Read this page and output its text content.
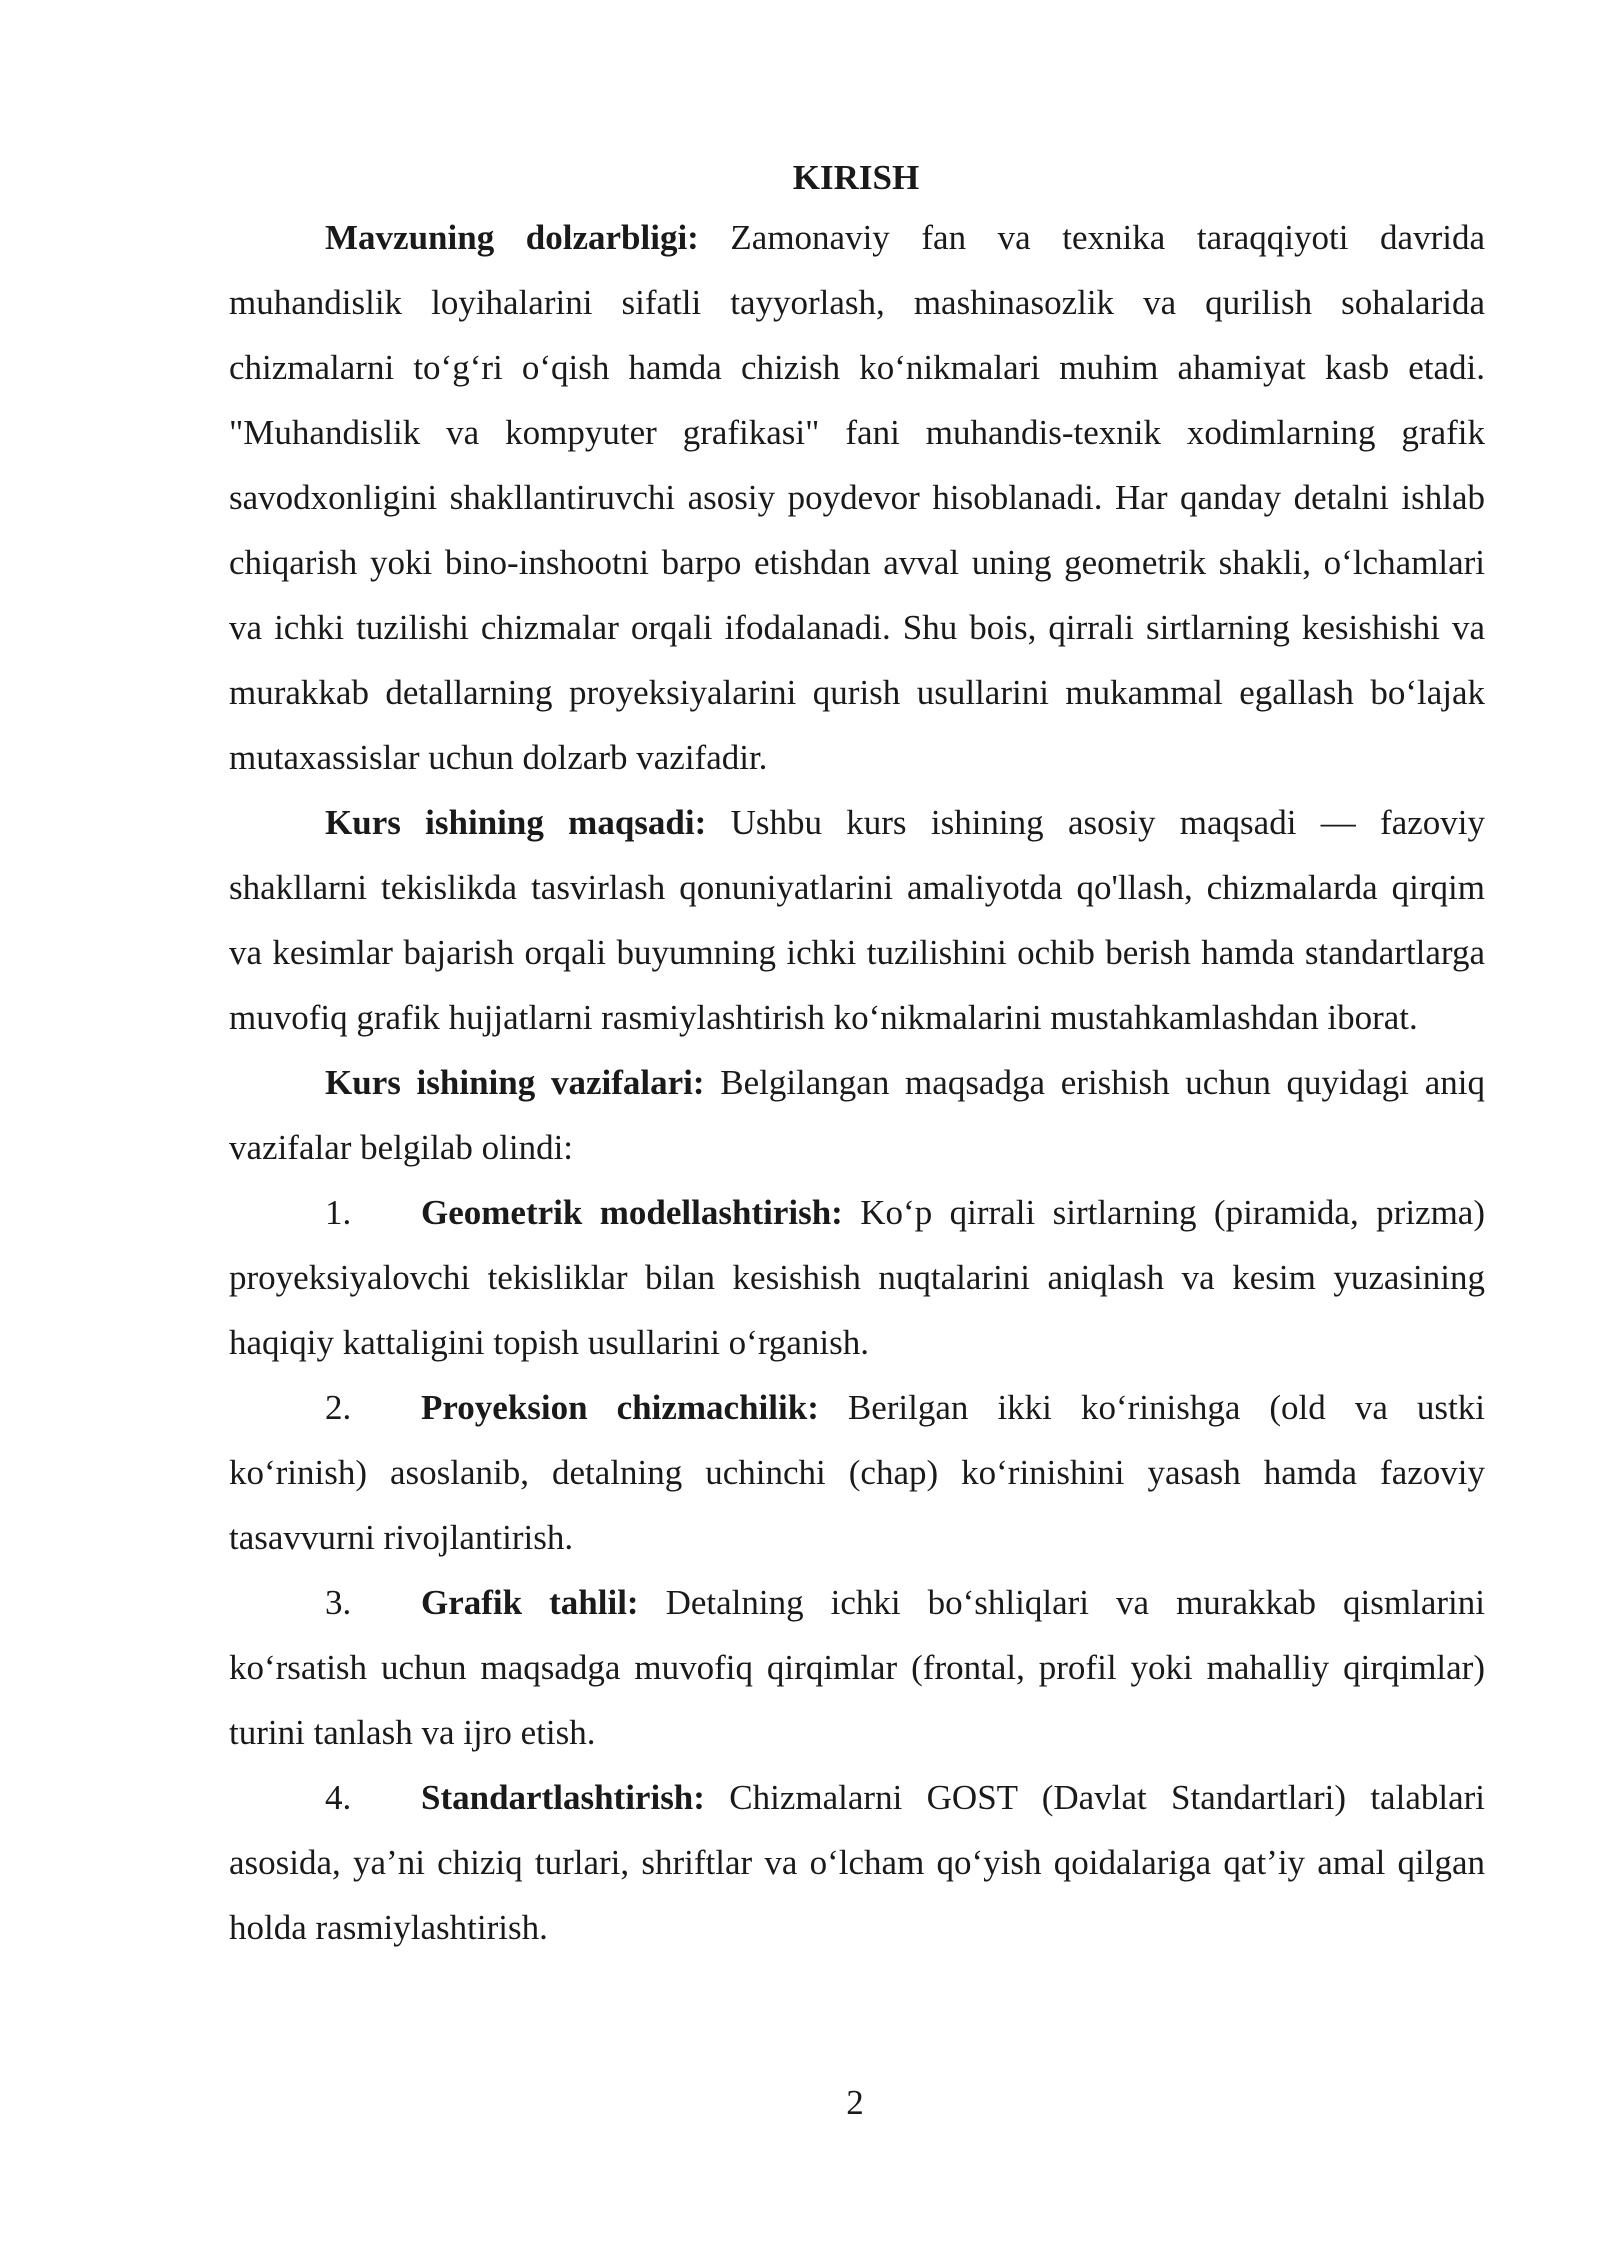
KIRISH

Mavzuning dolzarbligi: Zamonaviy fan va texnika taraqqiyoti davrida muhandislik loyihalarini sifatli tayyorlash, mashinasozlik va qurilish sohalarida chizmalarni to‘g‘ri o‘qish hamda chizish ko‘nikmalari muhim ahamiyat kasb etadi. "Muhandislik va kompyuter grafikasi" fani muhandis-texnik xodimlarning grafik savodxonligini shakllantiruvchi asosiy poydevor hisoblanadi. Har qanday detalni ishlab chiqarish yoki bino-inshootni barpo etishdan avval uning geometrik shakli, o‘lchamlari va ichki tuzilishi chizmalar orqali ifodalanadi. Shu bois, qirrali sirtlarning kesishishi va murakkab detallarning proyeksiyalarini qurish usullarini mukammal egallash bo‘lajak mutaxassislar uchun dolzarb vazifadir.

Kurs ishining maqsadi: Ushbu kurs ishining asosiy maqsadi — fazoviy shakllarni tekislikda tasvirlash qonuniyatlarini amaliyotda qo'llash, chizmalarda qirqim va kesimlar bajarish orqali buyumning ichki tuzilishini ochib berish hamda standartlarga muvofiq grafik hujjatlarni rasmiylashtirish ko‘nikmalarini mustahkamlashdan iborat.

Kurs ishining vazifalari: Belgilangan maqsadga erishish uchun quyidagi aniq vazifalar belgilab olindi:

1. Geometrik modellashtirish: Ko‘p qirrali sirtlarning (piramida, prizma) proyeksiyalovchi tekisliklar bilan kesishish nuqtalarini aniqlash va kesim yuzasining haqiqiy kattaligini topish usullarini o‘rganish.

2. Proyeksion chizmachilik: Berilgan ikki ko‘rinishga (old va ustki ko‘rinish) asoslanib, detalning uchinchi (chap) ko‘rinishini yasash hamda fazoviy tasavvurni rivojlantirish.

3. Grafik tahlil: Detalning ichki bo‘shliqlari va murakkab qismlarini ko‘rsatish uchun maqsadga muvofiq qirqimlar (frontal, profil yoki mahalliy qirqimlar) turini tanlash va ijro etish.

4. Standartlashtirish: Chizmalarni GOST (Davlat Standartlari) talablari asosida, ya’ni chiziq turlari, shriftlar va o‘lcham qo‘yish qoidalariga qat’iy amal qilgan holda rasmiylashtirish.

2
